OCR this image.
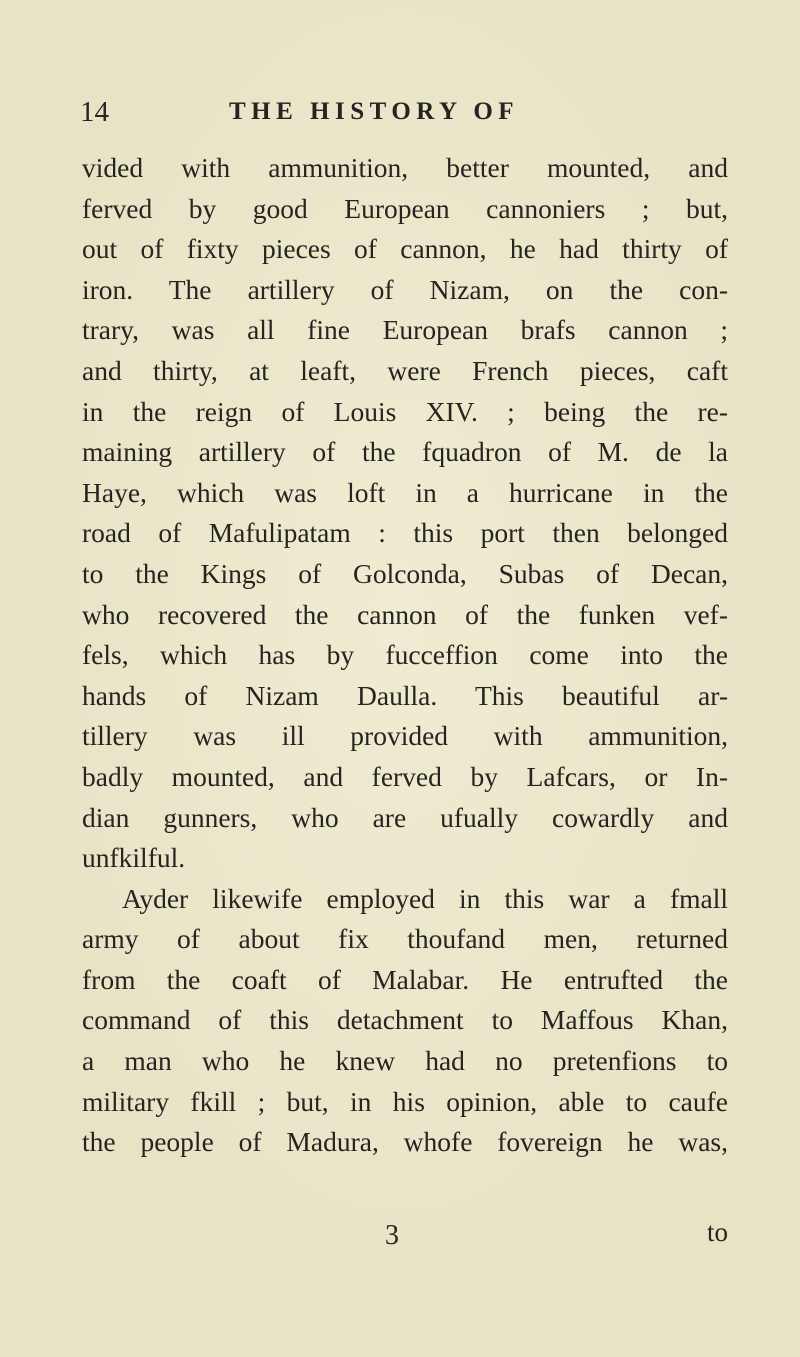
14	THE HISTORY OF
vided with ammunition, better mounted, and
ferved by good European cannoniers ; but,
out of fixty pieces of cannon, he had thirty of
iron. The artillery of Nizam, on the con-
trary, was all fine European brafs cannon ;
and thirty, at leaft, were French pieces, caft
in the reign of Louis XIV. ; being the re-
maining artillery of the fquadron of M. de la
Haye, which was loft in a hurricane in the
road of Mafulipatam : this port then belonged
to the Kings of Golconda, Subas of Decan,
who recovered the cannon of the funken vef-
fels, which has by fucceffion come into the
hands of Nizam Daulla. This beautiful ar-
tillery was ill provided with ammunition,
badly mounted, and ferved by Lafcars, or In-
dian gunners, who are ufually cowardly and
unfkilful.
Ayder likewife employed in this war a fmall
army of about fix thoufand men, returned
from the coaft of Malabar. He entrufted the
command of this detachment to Maffous Khan,
a man who he knew had no pretenfions to
military fkill ; but, in his opinion, able to caufe
the people of Madura, whofe fovereign he was,
3	to
